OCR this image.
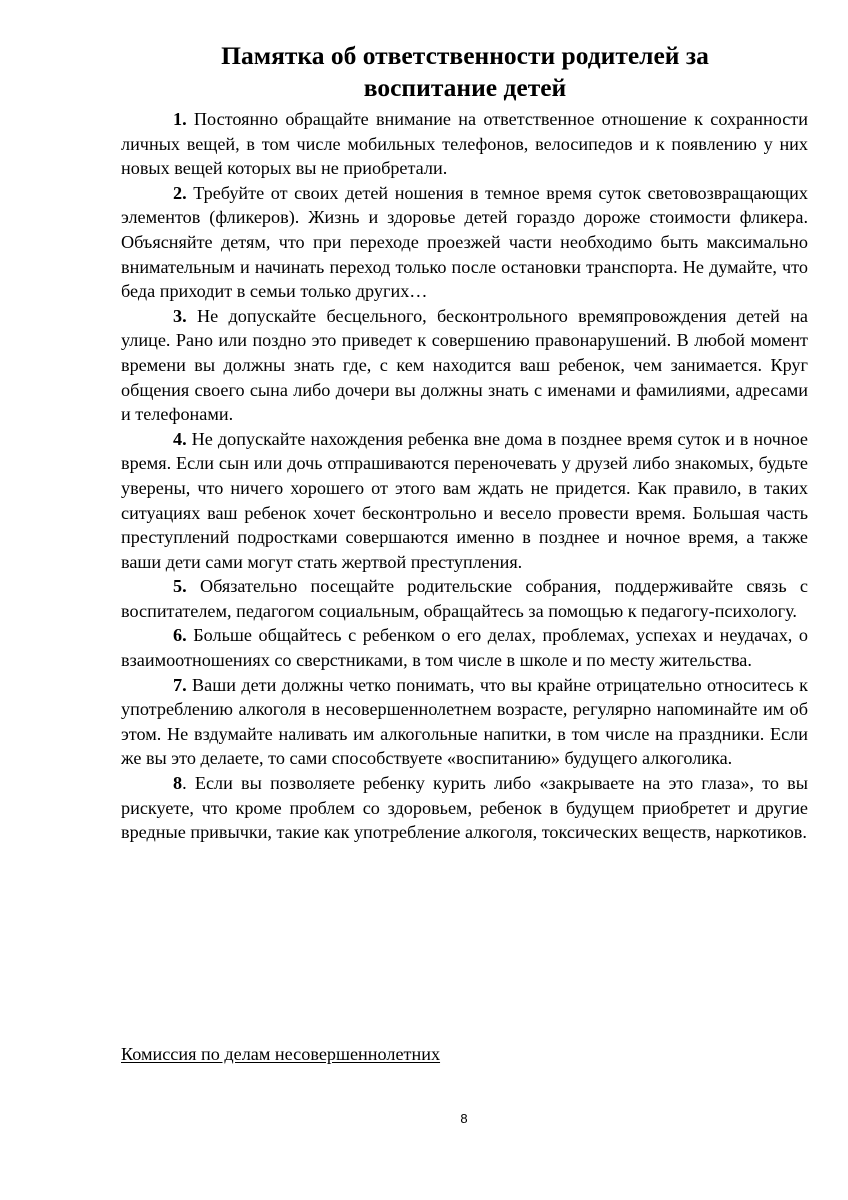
Памятка об ответственности родителей за
воспитание детей

1. Постоянно обращайте внимание на ответственное отношение к сохранности личных вещей, в том числе мобильных телефонов, велосипедов и к появлению у них новых вещей которых вы не приобретали.

2. Требуйте от своих детей ношения в темное время суток световозвращающих элементов (фликеров). Жизнь и здоровье детей гораздо дороже стоимости фликера. Объясняйте детям, что при переходе проезжей части необходимо быть максимально внимательным и начинать переход только после остановки транспорта. Не думайте, что беда приходит в семьи только других…

3. Не допускайте бесцельного, бесконтрольного времяпровождения детей на улице. Рано или поздно это приведет к совершению правонарушений. В любой момент времени вы должны знать где, с кем находится ваш ребенок, чем занимается. Круг общения своего сына либо дочери вы должны знать с именами и фамилиями, адресами и телефонами.

4. Не допускайте нахождения ребенка вне дома в позднее время суток и в ночное время. Если сын или дочь отпрашиваются переночевать у друзей либо знакомых, будьте уверены, что ничего хорошего от этого вам ждать не придется. Как правило, в таких ситуациях ваш ребенок хочет бесконтрольно и весело провести время. Большая часть преступлений подростками совершаются именно в позднее и ночное время, а также ваши дети сами могут стать жертвой преступления.

5. Обязательно посещайте родительские собрания, поддерживайте связь с воспитателем, педагогом социальным, обращайтесь за помощью к педагогу-психологу.

6. Больше общайтесь с ребенком о его делах, проблемах, успехах и неудачах, о взаимоотношениях со сверстниками, в том числе в школе и по месту жительства.

7. Ваши дети должны четко понимать, что вы крайне отрицательно относитесь к употреблению алкоголя в несовершеннолетнем возрасте, регулярно напоминайте им об этом. Не вздумайте наливать им алкогольные напитки, в том числе на праздники. Если же вы это делаете, то сами способствуете «воспитанию» будущего алкоголика.

8. Если вы позволяете ребенку курить либо «закрываете на это глаза», то вы рискуете, что кроме проблем со здоровьем, ребенок в будущем приобретет и другие вредные привычки, такие как употребление алкоголя, токсических веществ, наркотиков.

Комиссия по делам несовершеннолетних
8
